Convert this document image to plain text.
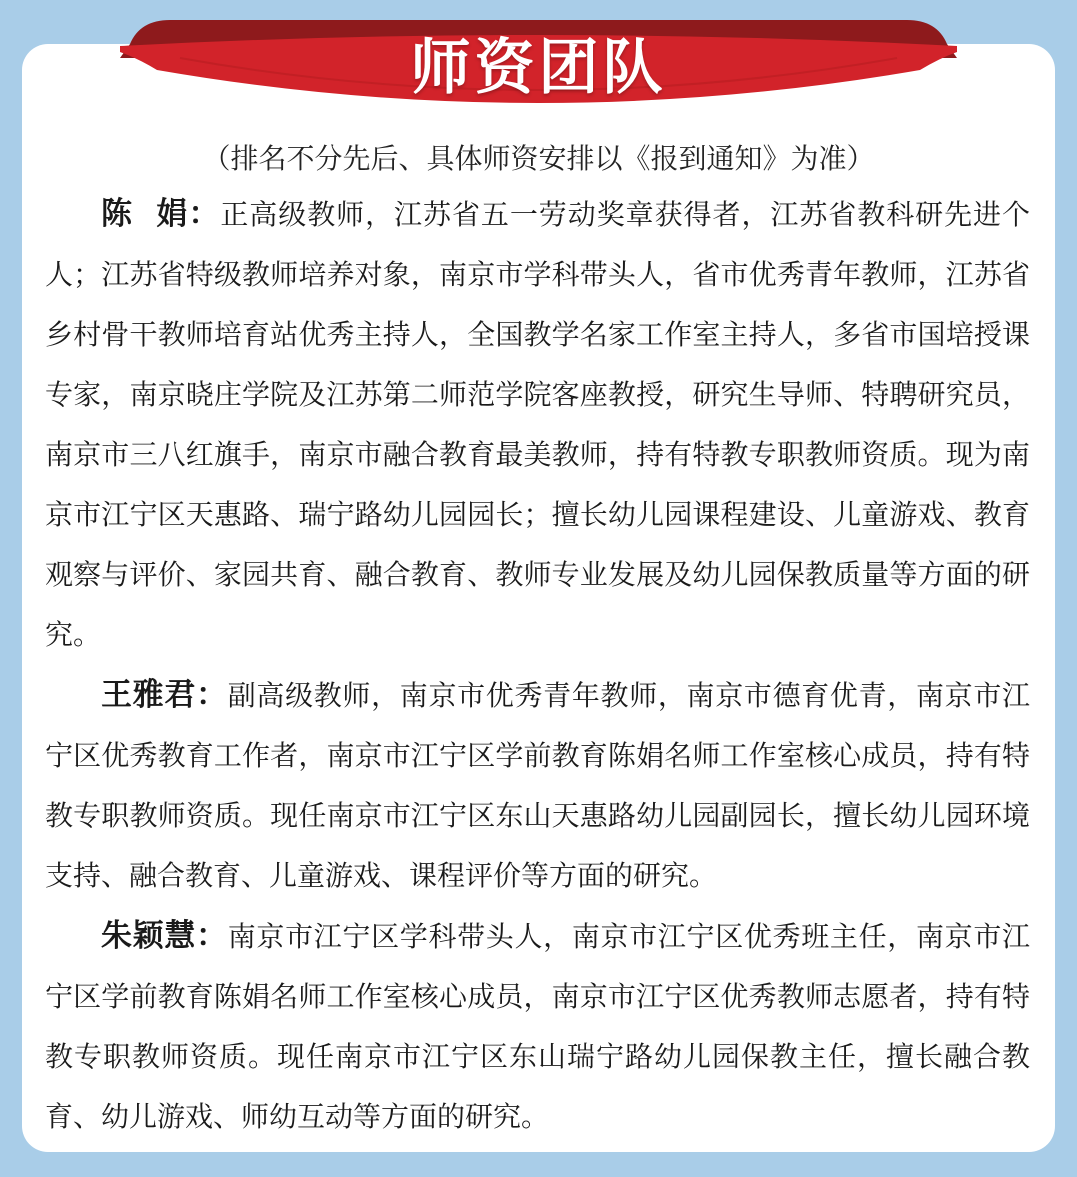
师资团队
（排名不分先后、具体师资安排以《报到通知》为准）

陈  娟：正高级教师，江苏省五一劳动奖章获得者，江苏省教科研先进个人；江苏省特级教师培养对象，南京市学科带头人，省市优秀青年教师，江苏省乡村骨干教师培育站优秀主持人，全国教学名家工作室主持人，多省市国培授课专家，南京晓庄学院及江苏第二师范学院客座教授，研究生导师、特聘研究员，南京市三八红旗手，南京市融合教育最美教师，持有特教专职教师资质。现为南京市江宁区天惠路、瑞宁路幼儿园园长；擅长幼儿园课程建设、儿童游戏、教育观察与评价、家园共育、融合教育、教师专业发展及幼儿园保教质量等方面的研究。

王雅君：副高级教师，南京市优秀青年教师，南京市德育优青，南京市江宁区优秀教育工作者，南京市江宁区学前教育陈娟名师工作室核心成员，持有特教专职教师资质。现任南京市江宁区东山天惠路幼儿园副园长，擅长幼儿园环境支持、融合教育、儿童游戏、课程评价等方面的研究。

朱颖慧：南京市江宁区学科带头人，南京市江宁区优秀班主任，南京市江宁区学前教育陈娟名师工作室核心成员，南京市江宁区优秀教师志愿者，持有特教专职教师资质。现任南京市江宁区东山瑞宁路幼儿园保教主任，擅长融合教育、幼儿游戏、师幼互动等方面的研究。
